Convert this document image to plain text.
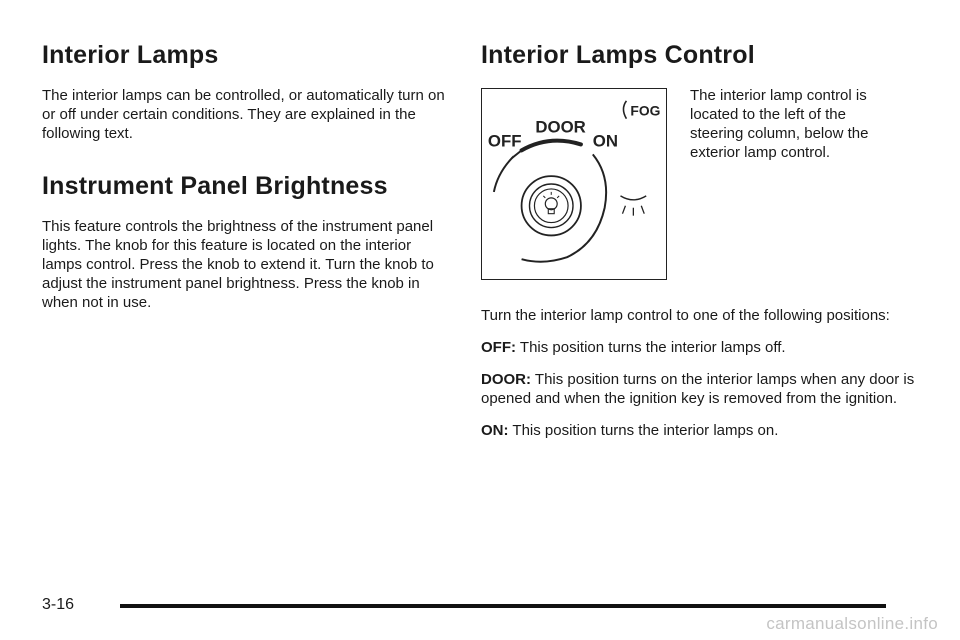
Interior Lamps

The interior lamps can be controlled, or automatically turn on or off under certain conditions. They are explained in the following text.

Instrument Panel Brightness

This feature controls the brightness of the instrument panel lights. The knob for this feature is located on the interior lamps control. Press the knob to extend it. Turn the knob to adjust the instrument panel brightness. Press the knob in when not in use.

Interior Lamps Control
FOG
DOOR
OFF	ON

The interior lamp control is located to the left of the steering column, below the exterior lamp control.

Turn the interior lamp control to one of the following positions:

OFF: This position turns the interior lamps off.

DOOR: This position turns on the interior lamps when any door is opened and when the ignition key is removed from the ignition.

ON: This position turns the interior lamps on.

3-16
carmanualsonline.info
